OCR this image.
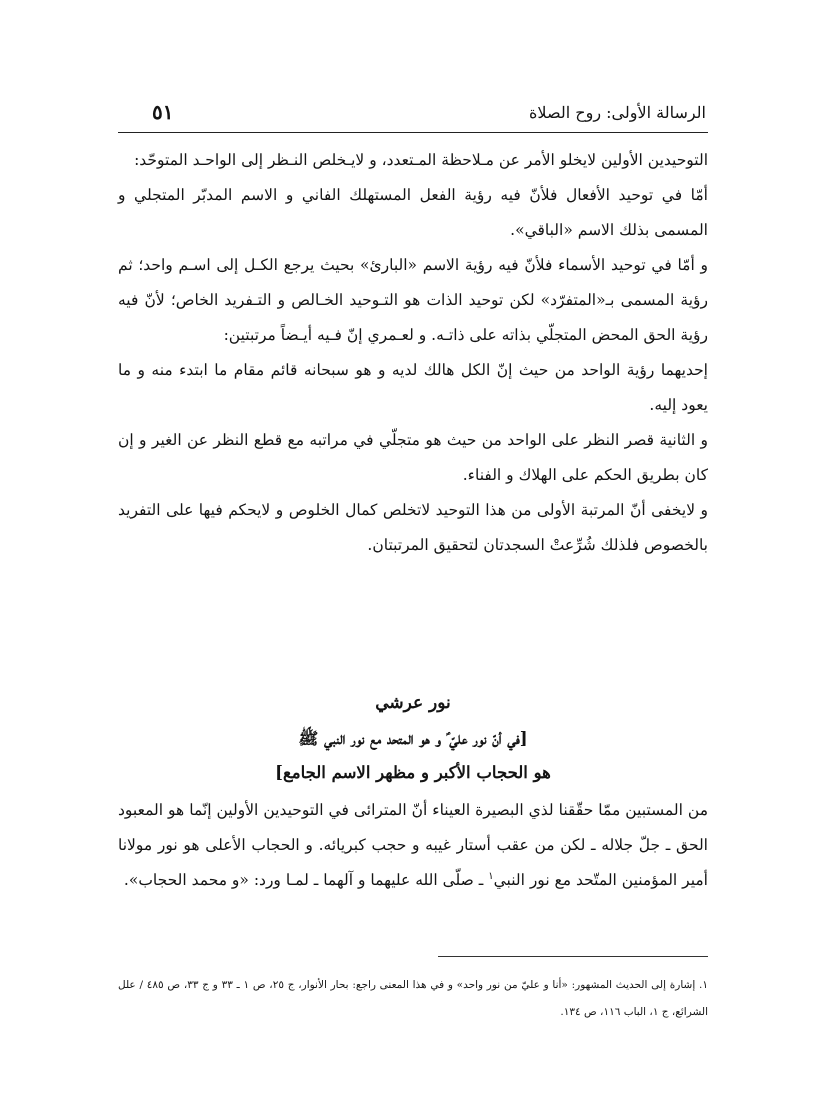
الرسالة الأولى: روح الصلاة
٥١

التوحيدين الأولين لايخلو الأمر عن مـلاحظة المـتعدد، و لايـخلص النـظر إلى الواحـد المتوحّد:

أمّا في توحيد الأفعال فلأنّ فيه رؤية الفعل المستهلك الفاني و الاسم المدبّر المتجلي و المسمى بذلك الاسم «الباقي».

و أمّا في توحيد الأسماء فلأنّ فيه رؤية الاسم «البارئ» بحيث يرجع الكـل إلى اسـم واحد؛ ثم رؤية المسمى بـ«المتفرّد» لكن توحيد الذات هو التـوحيد الخـالص و التـفريد الخاص؛ لأنّ فيه رؤية الحق المحض المتجلّي بذاته على ذاتـه. و لعـمري إنّ فـيه أيـضاً مرتبتين:

إحديهما رؤية الواحد من حيث إنّ الكل هالك لديه و هو سبحانه قائم مقام ما ابتدء منه و ما يعود إليه.

و الثانية قصر النظر على الواحد من حيث هو متجلّي في مراتبه مع قطع النظر عن الغير و إن كان بطريق الحكم على الهلاك و الفناء.

و لايخفى أنّ المرتبة الأولى من هذا التوحيد لاتخلص كمال الخلوص و لايحكم فيها على التفريد بالخصوص فلذلك شُرِّعتْ السجدتان لتحقيق المرتبتان.

نور عرشي
[في أنّ نور عليّ ؑ و هو المتحد مع نور النبي ﷺ
هو الحجاب الأكبر و مظهر الاسم الجامع]

من المستبين ممّا حقّقنا لذي البصيرة العيناء أنّ المترائى في التوحيدين الأولين إنّما هو المعبود الحق ـ جلّ جلاله ـ لكن من عقب أستار غيبه و حجب كبريائه. و الحجاب الأعلى هو نور مولانا أمير المؤمنين المتّحد مع نور النبي$^١$ ـ صلّى الله عليهما و آلهما ـ لمـا ورد: «و محمد الحجاب».

١. إشارة إلى الحديث المشهور: «أنا و عليّ من نور واحد» و في هذا المعنى راجع: بحار الأنوار، ج ٢٥، ص ١ ـ ٣٣ و ج ٣٣، ص ٤٨٥ / علل الشرائع، ج ١، الباب ١١٦، ص ١٣٤.
